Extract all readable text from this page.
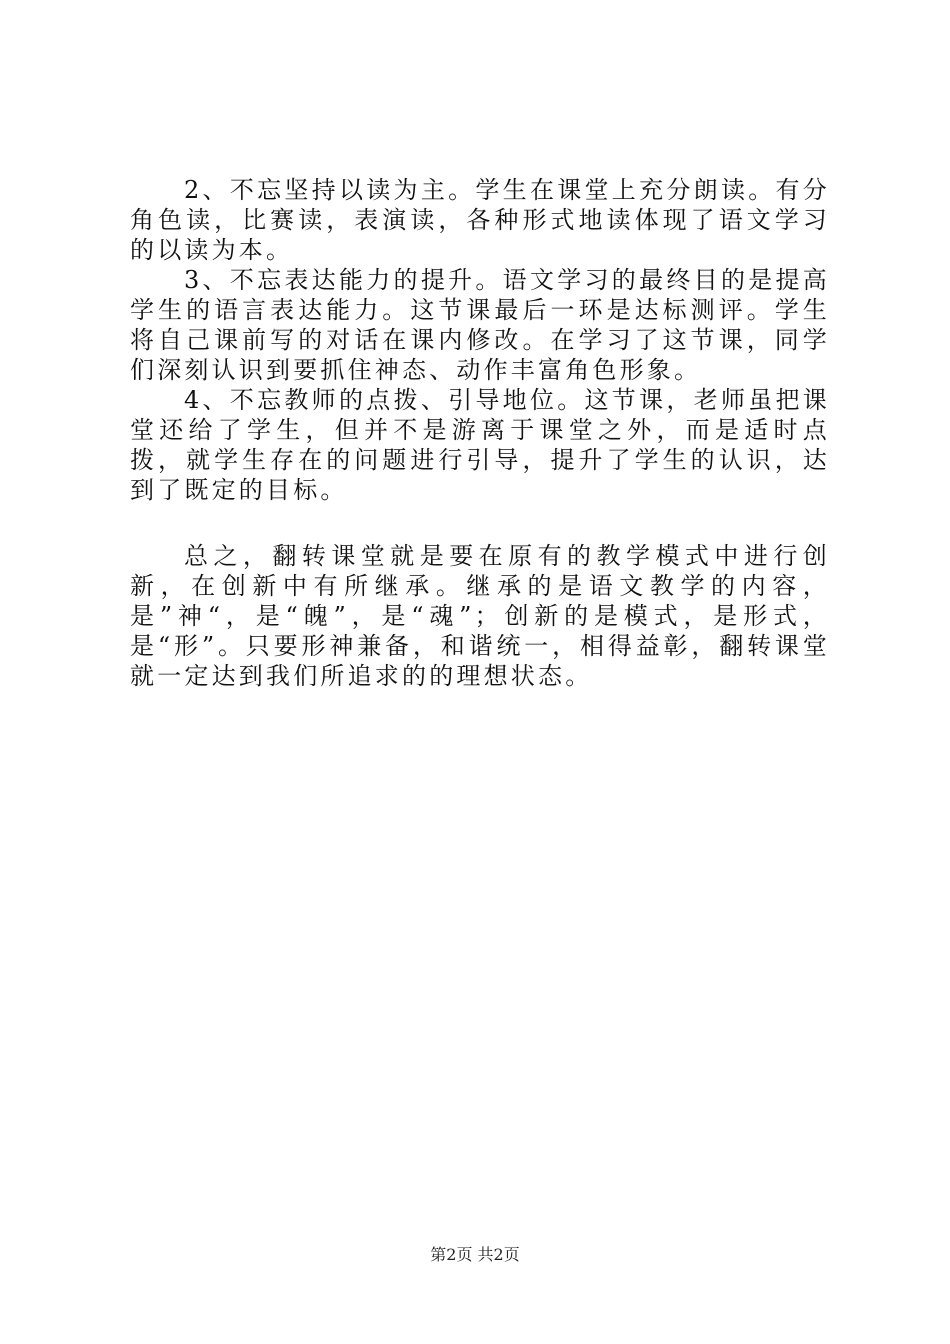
2、不忘坚持以读为主。学生在课堂上充分朗读。有分角色读，比赛读，表演读，各种形式地读体现了语文学习的以读为本。

3、不忘表达能力的提升。语文学习的最终目的是提高学生的语言表达能力。这节课最后一环是达标测评。学生将自己课前写的对话在课内修改。在学习了这节课，同学们深刻认识到要抓住神态、动作丰富角色形象。

4、不忘教师的点拨、引导地位。这节课，老师虽把课堂还给了学生，但并不是游离于课堂之外，而是适时点拨，就学生存在的问题进行引导，提升了学生的认识，达到了既定的目标。

总之，翻转课堂就是要在原有的教学模式中进行创新，在创新中有所继承。继承的是语文教学的内容，是”神“，是“魄”，是“魂”；创新的是模式，是形式，是“形”。只要形神兼备，和谐统一，相得益彰，翻转课堂就一定达到我们所追求的的理想状态。

第2页 共2页
